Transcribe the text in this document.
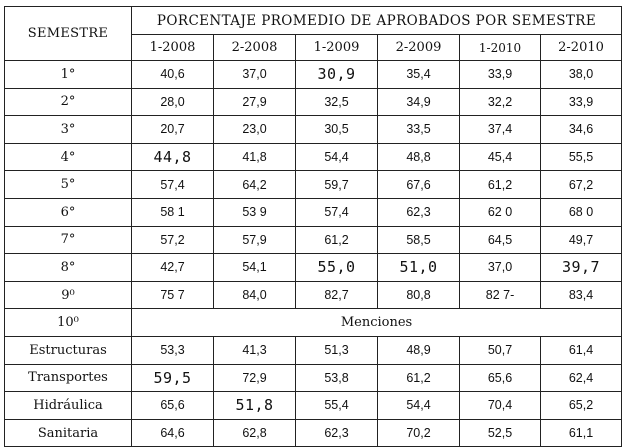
SEMESTRE	PORCENTAJE PROMEDIO DE APROBADOS POR SEMESTRE					
	1-2008	2-2008	1-2009	2-2009	1-2010	2-2010
1°	40,6	37,0	30,9	35,4	33,9	38,0
2°	28,0	27,9	32,5	34,9	32,2	33,9
3°	20,7	23,0	30,5	33,5	37,4	34,6
4°	44,8	41,8	54,4	48,8	45,4	55,5
5°	57,4	64,2	59,7	67,6	61,2	67,2
6°	58 1	53 9	57,4	62,3	62 0	68 0
7°	57,2	57,9	61,2	58,5	64,5	49,7
8°	42,7	54,1	55,0	51,0	37,0	39,7
9⁰	75 7	84,0	82,7	80,8	82 7-	83,4
10⁰	Menciones					
Estructuras	53,3	41,3	51,3	48,9	50,7	61,4
Transportes	59,5	72,9	53,8	61,2	65,6	62,4
Hidráulica	65,6	51,8	55,4	54,4	70,4	65,2
Sanitaria	64,6	62,8	62,3	70,2	52,5	61,1
